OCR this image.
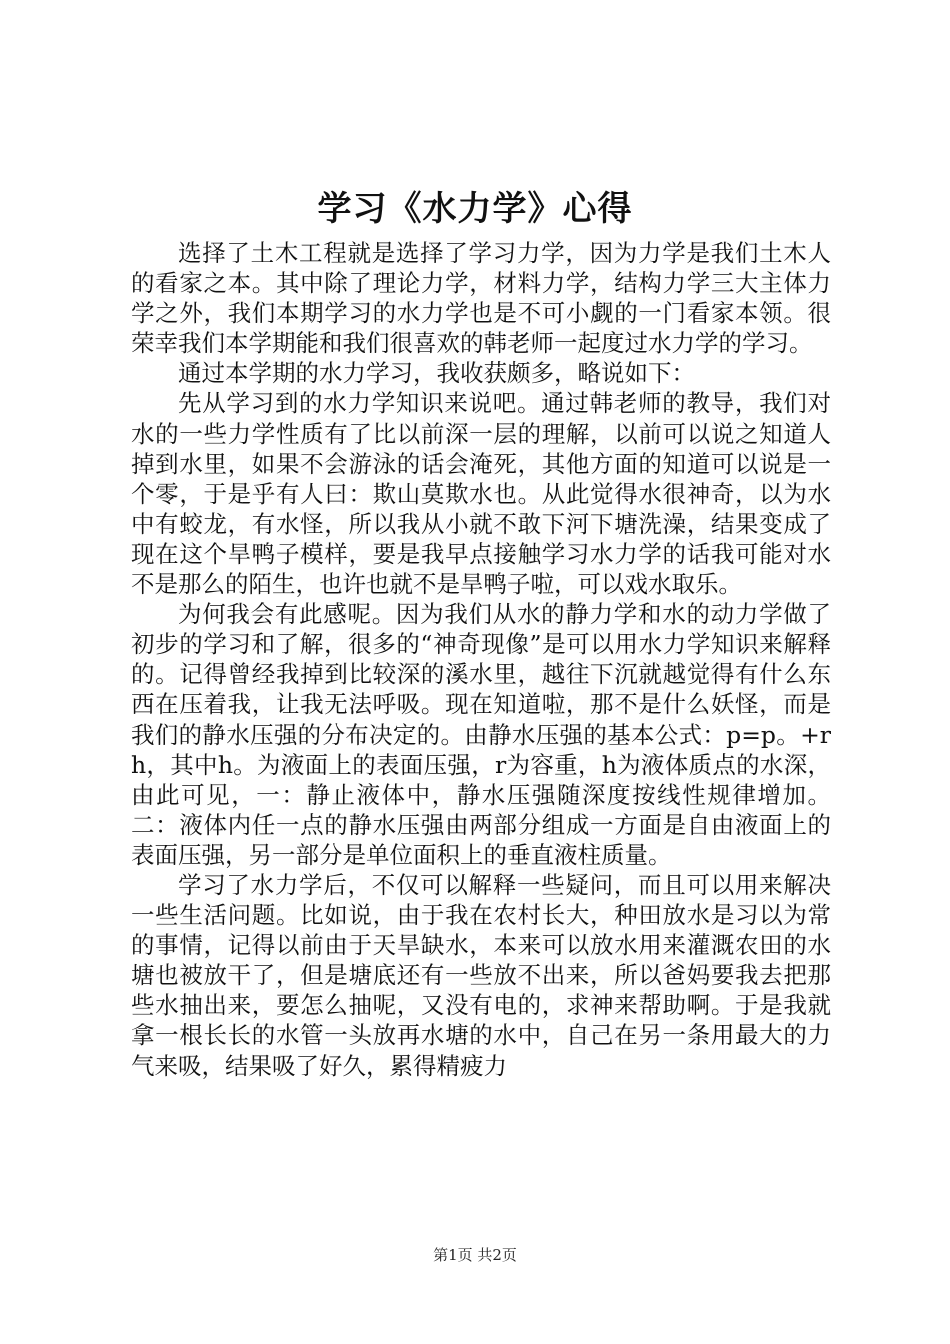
学习《水力学》心得

选择了土木工程就是选择了学习力学，因为力学是我们土木人的看家之本。其中除了理论力学，材料力学，结构力学三大主体力学之外，我们本期学习的水力学也是不可小觑的一门看家本领。很荣幸我们本学期能和我们很喜欢的韩老师一起度过水力学的学习。

通过本学期的水力学习，我收获颇多，略说如下：

先从学习到的水力学知识来说吧。通过韩老师的教导，我们对水的一些力学性质有了比以前深一层的理解，以前可以说之知道人掉到水里，如果不会游泳的话会淹死，其他方面的知道可以说是一个零，于是乎有人曰：欺山莫欺水也。从此觉得水很神奇，以为水中有蛟龙，有水怪，所以我从小就不敢下河下塘洗澡，结果变成了现在这个旱鸭子模样，要是我早点接触学习水力学的话我可能对水不是那么的陌生，也许也就不是旱鸭子啦，可以戏水取乐。

为何我会有此感呢。因为我们从水的静力学和水的动力学做了初步的学习和了解，很多的“神奇现像”是可以用水力学知识来解释的。记得曾经我掉到比较深的溪水里，越往下沉就越觉得有什么东西在压着我，让我无法呼吸。现在知道啦，那不是什么妖怪，而是我们的静水压强的分布决定的。由静水压强的基本公式：p=p。+rh，其中h。为液面上的表面压强，r为容重，h为液体质点的水深，由此可见，一：静止液体中，静水压强随深度按线性规律增加。二：液体内任一点的静水压强由两部分组成一方面是自由液面上的表面压强，另一部分是单位面积上的垂直液柱质量。

学习了水力学后，不仅可以解释一些疑问，而且可以用来解决一些生活问题。比如说，由于我在农村长大，种田放水是习以为常的事情，记得以前由于天旱缺水，本来可以放水用来灌溉农田的水塘也被放干了，但是塘底还有一些放不出来，所以爸妈要我去把那些水抽出来，要怎么抽呢，又没有电的，求神来帮助啊。于是我就拿一根长长的水管一头放再水塘的水中，自己在另一条用最大的力气来吸，结果吸了好久，累得精疲力

第1页 共2页
